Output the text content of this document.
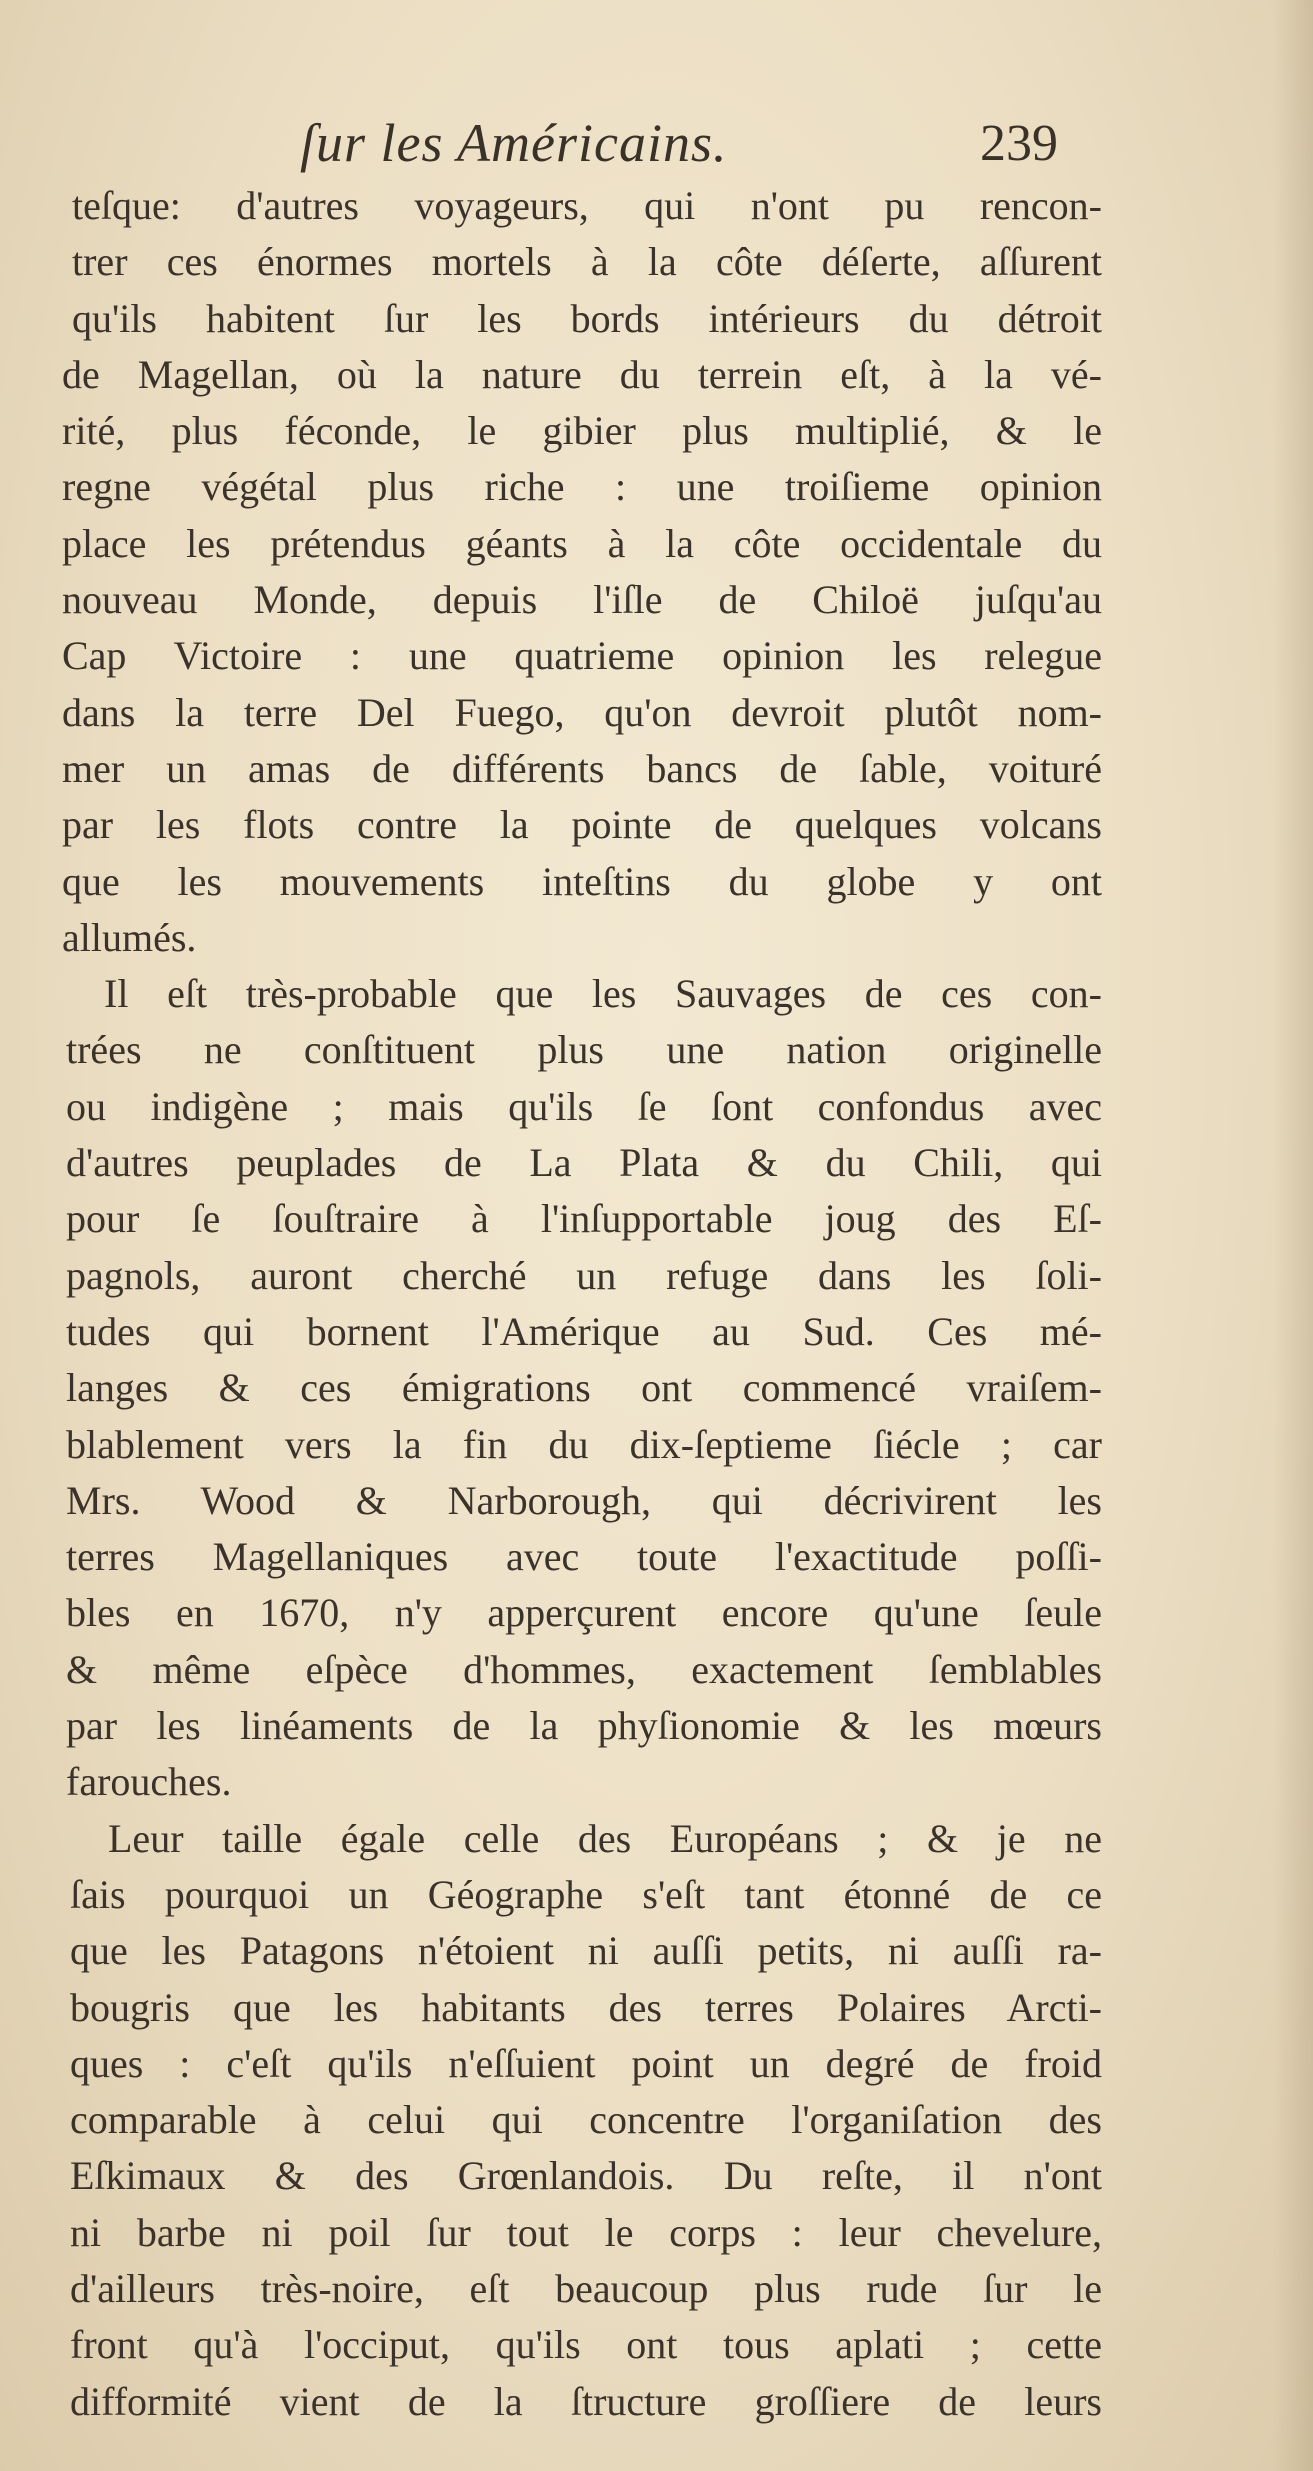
ſur les Américains.	239
teſque: d'autres voyageurs, qui n'ont pu rencon-
trer ces énormes mortels à la côte déſerte, aſſurent
qu'ils habitent ſur les bords intérieurs du détroit
de Magellan, où la nature du terrein eſt, à la vé-
rité, plus féconde, le gibier plus multiplié, & le
regne végétal plus riche : une troiſieme opinion
place les prétendus géants à la côte occidentale du
nouveau Monde, depuis l'iſle de Chiloë juſqu'au
Cap Victoire : une quatrieme opinion les relegue
dans la terre Del Fuego, qu'on devroit plutôt nom-
mer un amas de différents bancs de ſable, voituré
par les flots contre la pointe de quelques volcans
que les mouvements inteſtins du globe y ont
allumés.
Il eſt très-probable que les Sauvages de ces con-
trées ne conſtituent plus une nation originelle
ou indigène ; mais qu'ils ſe ſont confondus avec
d'autres peuplades de La Plata & du Chili, qui
pour ſe ſouſtraire à l'inſupportable joug des Eſ-
pagnols, auront cherché un refuge dans les ſoli-
tudes qui bornent l'Amérique au Sud. Ces mé-
langes & ces émigrations ont commencé vraiſem-
blablement vers la fin du dix-ſeptieme ſiécle ; car
Mrs. Wood & Narborough, qui décrivirent les
terres Magellaniques avec toute l'exactitude poſſi-
bles en 1670, n'y apperçurent encore qu'une ſeule
& même eſpèce d'hommes, exactement ſemblables
par les linéaments de la phyſionomie & les mœurs
farouches.
Leur taille égale celle des Européans ; & je ne
ſais pourquoi un Géographe s'eſt tant étonné de ce
que les Patagons n'étoient ni auſſi petits, ni auſſi ra-
bougris que les habitants des terres Polaires Arcti-
ques : c'eſt qu'ils n'eſſuient point un degré de froid
comparable à celui qui concentre l'organiſation des
Eſkimaux & des Grœnlandois. Du reſte, il n'ont
ni barbe ni poil ſur tout le corps : leur chevelure,
d'ailleurs très-noire, eſt beaucoup plus rude ſur le
front qu'à l'occiput, qu'ils ont tous aplati ; cette
difformité vient de la ſtructure groſſiere de leurs
